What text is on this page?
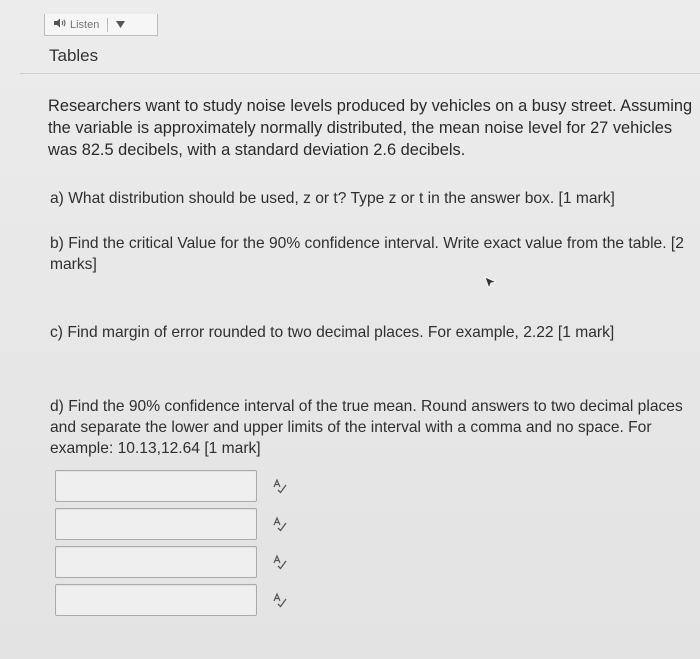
Listen
Tables
Researchers want to study noise levels produced by vehicles on a busy street. Assuming the variable is approximately normally distributed, the mean noise level for 27 vehicles was 82.5 decibels, with a standard deviation 2.6 decibels.
a) What distribution should be used, z or t? Type z or t in the answer box. [1 mark]
b) Find the critical Value for the 90% confidence interval. Write exact value from the table. [2 marks]
c) Find margin of error rounded to two decimal places. For example, 2.22 [1 mark]
d) Find the 90% confidence interval of the true mean. Round answers to two decimal places and separate the lower and upper limits of the interval with a comma and no space. For example: 10.13,12.64 [1 mark]
